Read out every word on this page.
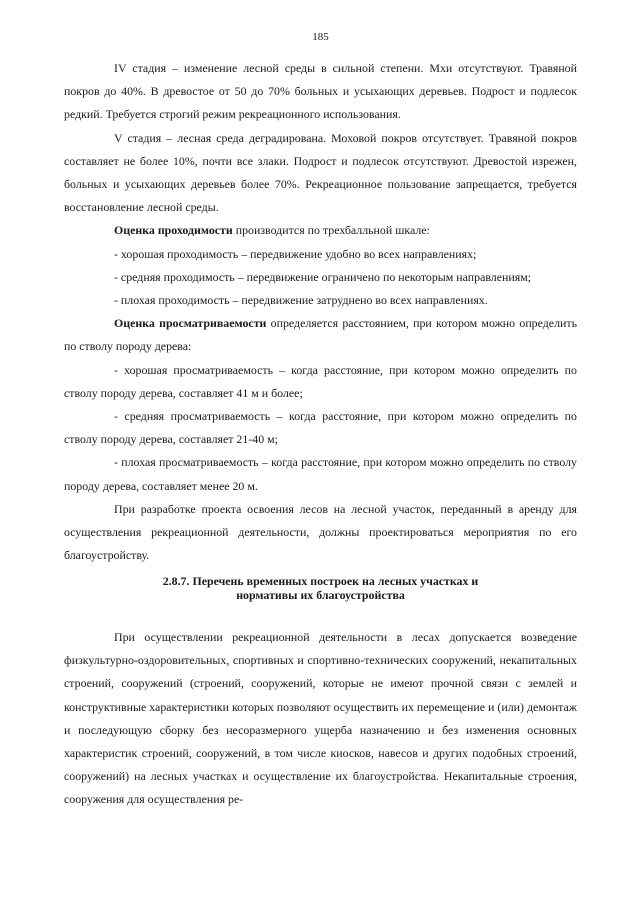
185

IV стадия – изменение лесной среды в сильной степени. Мхи отсутствуют. Травяной покров до 40%. В древостое от 50 до 70% больных и усыхающих деревьев. Подрост и подлесок редкий. Требуется строгий режим рекреационного использования.

V стадия – лесная среда деградирована. Моховой покров отсутствует. Травяной покров составляет не более 10%, почти все злаки. Подрост и подлесок отсутствуют. Древостой изрежен, больных и усыхающих деревьев более 70%. Рекреационное пользование запрещается, требуется восстановление лесной среды.

Оценка проходимости производится по трехбалльной шкале:

- хорошая проходимость – передвижение удобно во всех направлениях;

- средняя проходимость – передвижение ограничено по некоторым направлениям;

- плохая проходимость – передвижение затруднено во всех направлениях.

Оценка просматриваемости определяется расстоянием, при котором можно определить по стволу породу дерева:

- хорошая просматриваемость – когда расстояние, при котором можно определить по стволу породу дерева, составляет 41 м и более;

- средняя просматриваемость – когда расстояние, при котором можно определить по стволу породу дерева, составляет 21-40 м;

- плохая просматриваемость – когда расстояние, при котором можно определить по стволу породу дерева, составляет менее 20 м.

При разработке проекта освоения лесов на лесной участок, переданный в аренду для осуществления рекреационной деятельности, должны проектироваться мероприятия по его благоустройству.

2.8.7. Перечень временных построек на лесных участках и
нормативы их благоустройства

При осуществлении рекреационной деятельности в лесах допускается возведение физкультурно-оздоровительных, спортивных и спортивно-технических сооружений, некапитальных строений, сооружений (строений, сооружений, которые не имеют прочной связи с землей и конструктивные характеристики которых позволяют осуществить их перемещение и (или) демонтаж и последующую сборку без несоразмерного ущерба назначению и без изменения основных характеристик строений, сооружений, в том числе киосков, навесов и других подобных строений, сооружений) на лесных участках и осуществление их благоустройства. Некапитальные строения, сооружения для осуществления ре-
